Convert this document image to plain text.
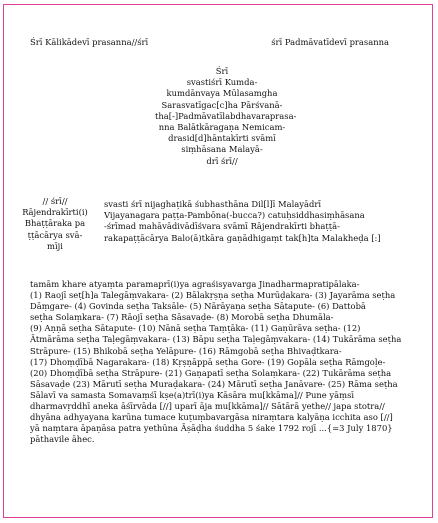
Śrī Kālikādevī prasanna//śrī	śrī Padmāvatīdevī prasanna
Śrī
svastiśrī Kumda-
kumdānvaya Mūlasamgha
Sarasvatīgac[c]ha Pārśvanā-
tha[-]Padmāvatīlabdhavaraprasa-
nna Balātkāragaṇa Nemicam-
drasid[d]hāntakīrti svāmī
siṃhāsana Malayā-
drī śrī//
// śrī//
Rājendrakīrti(i)
Bhaṭṭāraka pa
ṭṭācārya svā-
mīji
svasti śrī nijaghaṭikā śubhasthāna Dil[l]ī Malayādrī
Vijayanagara paṭṭa-Pambōna(-bucca?) catuḥsiddhasiṃhāsana
-śrīmad mahāvādivādīśvara svāmī Rājendrakīrti bhaṭṭā-
rakapaṭṭācārya Balo(ā)tkāra gaṇādhigaṃt tak[h]ta Malakheḍa [:]
tamām khare atyaṃta paramaprī(i)ya agraśisyavarga Jinadharmapratipālaka-
(1) Raojī seṭ[h]a Talegāṃvakara- (2) Bālakṛṣṇa seṭha Murūḍakara- (3) Jayarāma seṭha
Dāṃgare- (4) Govinda seṭha Taksāle- (5) Nārāyaṇa seṭha Sātapute- (6) Dattobā
seṭha Solaṃkara- (7) Rāojī seṭha Sāsavaḍe- (8) Morobā seṭha Dhumāla-
(9) Aṇṇā seṭha Sātapute- (10) Nānā seṭha Taṃṭāka- (11) Gaṇūrāva seṭha- (12)
Ātmārāma seṭha Taḷegāṃvakara- (13) Bāpu seṭha Taḷegāṃvakara- (14) Tukārāma seṭha
Strāpure- (15) Bhikobā seṭha Yelāpure- (16) Rāmgobā seṭha Bhivaḍtkara-
(17) Dhoṃḍībā Nagarakara- (18) Kṛṣṇāppā seṭha Gore- (19) Gopāla seṭha Rāmgoḷe-
(20) Dhoṃḍībā seṭha Strāpure- (21) Gaṇapatī seṭha Solaṃkara- (22) Tukārāma seṭha
Sāsavaḍe (23) Mārutī seṭha Muraḍakara- (24) Mārutī seṭha Janāvare- (25) Rāma seṭha
Sālavī va samasta Somavaṃśī kṣe(a)trī(i)ya Kāsāra mu[kkāma]// Pune yāṃsī
dharmavṛddhī aneka āśīrvāda [//] uparī āja mu[kkāma]// Sātārā yethe// japa stotra//
dhyāna adhyayana karūna tumace kuṭuṃbavargāsa niraṃtara kalyāṇa icchita aso [//]
yā naṃtara āpaṇāsa patra yethūna Āṣāḍha śuddha 5 śake 1792 rojī ...{=3 July 1870}
pāthavile āhec.
